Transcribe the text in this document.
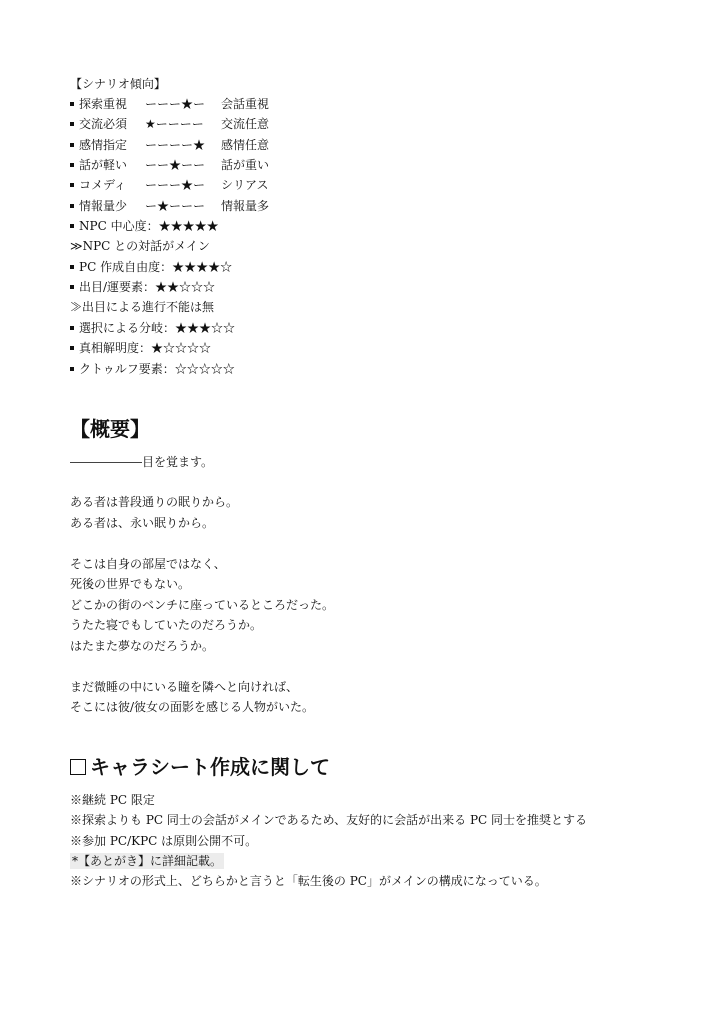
【シナリオ傾向】
探索重視 ーーー★ー 会話重視
交流必須 ★ーーーー 交流任意
感情指定 ーーーー★ 感情任意
話が軽い ーー★ーー 話が重い
コメディ ーーー★ー シリアス
情報量少 ー★ーーー 情報量多
NPC 中心度：★★★★★
≫NPC との対話がメイン
PC 作成自由度：★★★★☆
出目/運要素：★★☆☆☆
≫出目による進行不能は無
選択による分岐：★★★☆☆
真相解明度：★☆☆☆☆
クトゥルフ要素：☆☆☆☆☆
【概要】
――――――目を覚ます。
ある者は普段通りの眠りから。
ある者は、永い眠りから。
そこは自身の部屋ではなく、
死後の世界でもない。
どこかの街のベンチに座っているところだった。
うたた寝でもしていたのだろうか。
はたまた夢なのだろうか。
まだ微睡の中にいる瞳を隣へと向ければ、
そこには彼/彼女の面影を感じる人物がいた。
キャラシート作成に関して
※継続 PC 限定
※探索よりも PC 同士の会話がメインであるため、友好的に会話が出来る PC 同士を推奨とする
※参加 PC/KPC は原則公開不可。
*【あとがき】に詳細記載。
※シナリオの形式上、どちらかと言うと「転生後の PC」がメインの構成になっている。
